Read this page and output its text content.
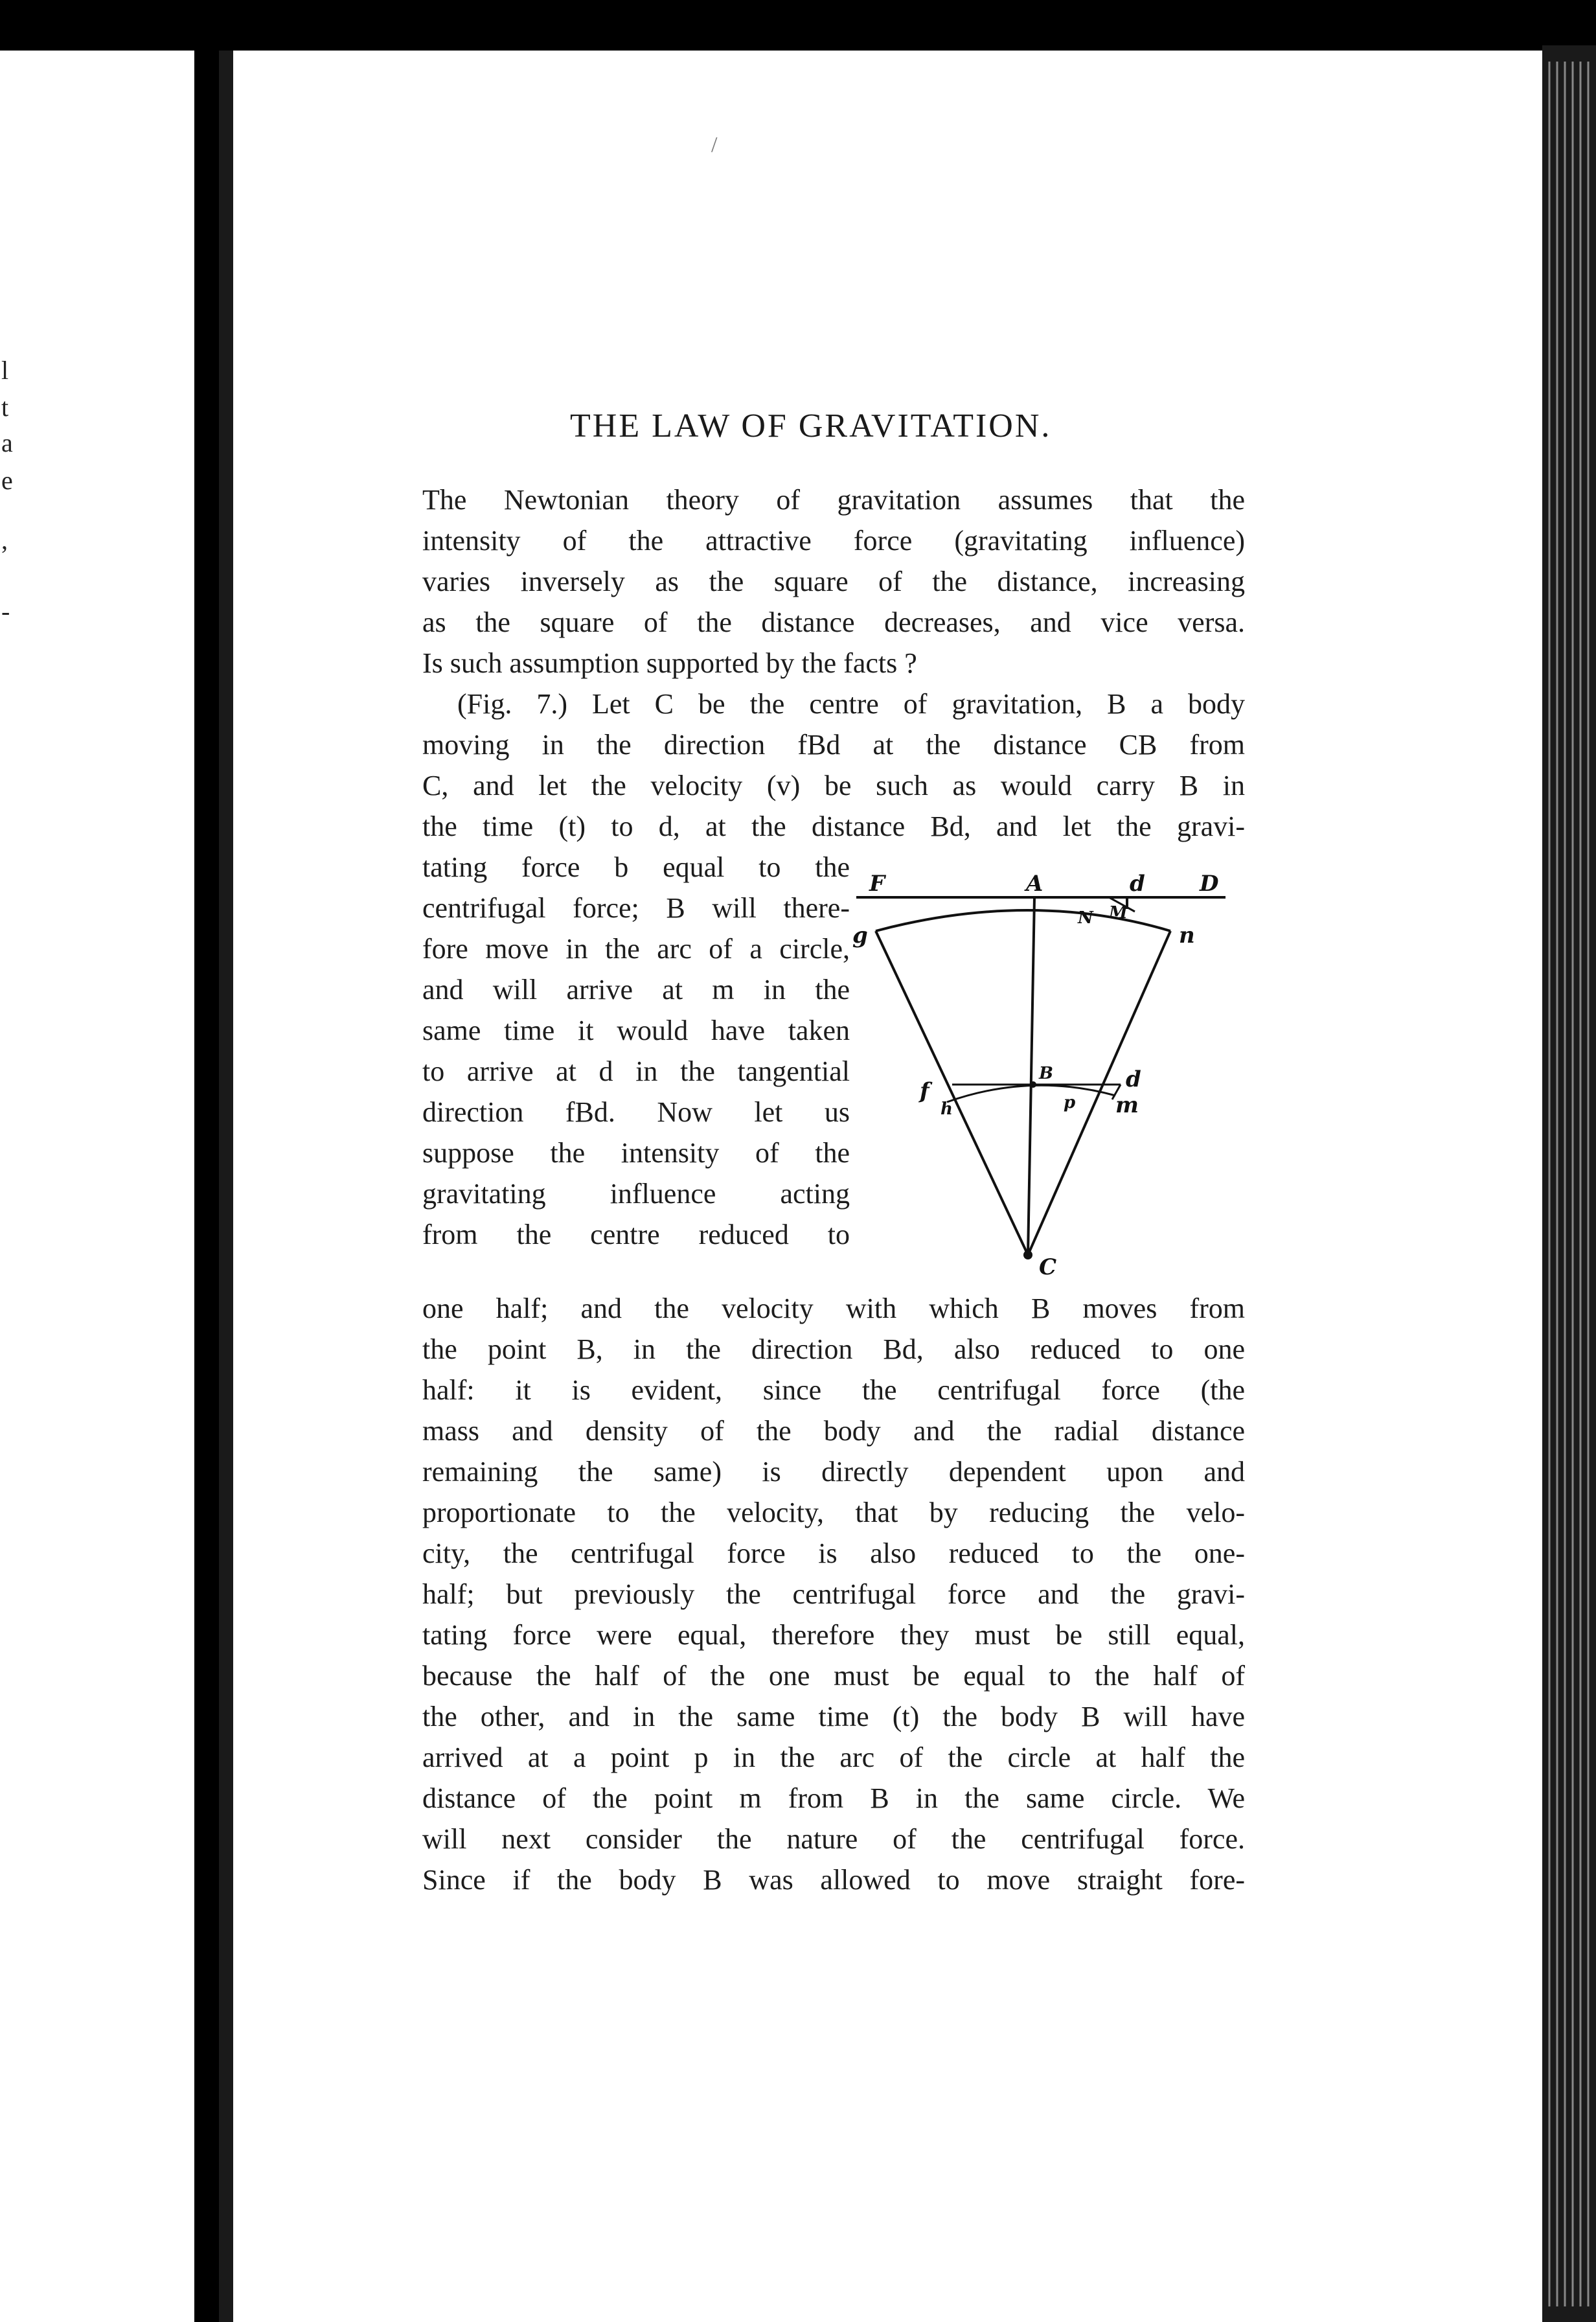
l
t
a
e
,
-
/
THE LAW OF GRAVITATION.
The Newtonian theory of gravitation assumes that the
intensity of the attractive force (gravitating influence)
varies inversely as the square of the distance, increasing
as the square of the distance decreases, and vice versa.
Is such assumption supported by the facts ?
(Fig. 7.) Let C be the centre of gravitation, B a body
moving in the direction fBd at the distance CB from
C, and let the velocity (v) be such as would carry B in
the time (t) to d, at the distance Bd, and let the gravi-
tating force b equal to the
centrifugal force; B will there-
fore move in the arc of a circle,
and will arrive at m in the
same time it would have taken
to arrive at d in the tangential
direction fBd. Now let us
suppose the intensity of the
gravitating influence acting
from the centre reduced to
one half; and the velocity with which B moves from
the point B, in the direction Bd, also reduced to one
half: it is evident, since the centrifugal force (the
mass and density of the body and the radial distance
remaining the same) is directly dependent upon and
proportionate to the velocity, that by reducing the velo-
city, the centrifugal force is also reduced to the one-
half; but previously the centrifugal force and the gravi-
tating force were equal, therefore they must be still equal,
because the half of the one must be equal to the half of
the other, and in the same time (t) the body B will have
arrived at a point p in the arc of the circle at half the
distance of the point m from B in the same circle. We
will next consider the nature of the centrifugal force.
Since if the body B was allowed to move straight fore-
F	A	d D
N M
g	n
B
f
h
d
p m
C
